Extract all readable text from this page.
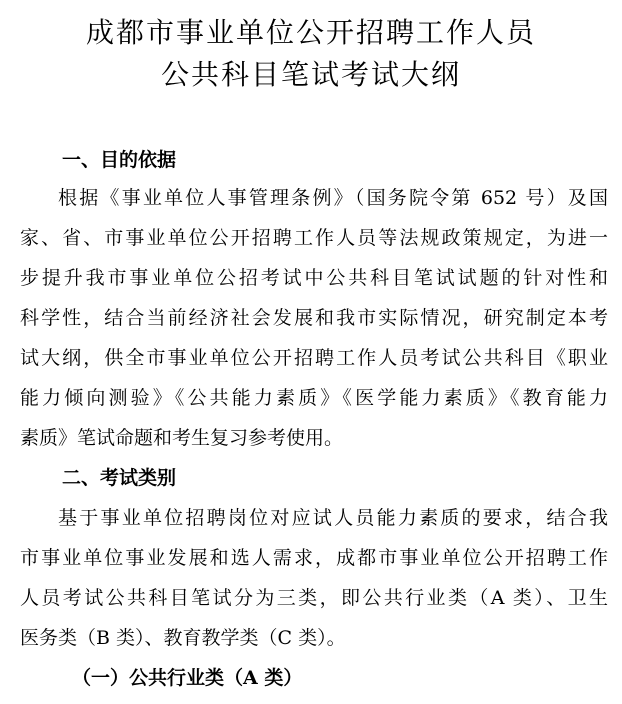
成都市事业单位公开招聘工作人员
公共科目笔试考试大纲
一、目的依据
根据《事业单位人事管理条例》（国务院令第 652 号）及国
家、省、市事业单位公开招聘工作人员等法规政策规定，为进一
步提升我市事业单位公招考试中公共科目笔试试题的针对性和
科学性，结合当前经济社会发展和我市实际情况，研究制定本考
试大纲，供全市事业单位公开招聘工作人员考试公共科目《职业
能力倾向测验》《公共能力素质》《医学能力素质》《教育能力
素质》笔试命题和考生复习参考使用。
二、考试类别
基于事业单位招聘岗位对应试人员能力素质的要求，结合我
市事业单位事业发展和选人需求，成都市事业单位公开招聘工作
人员考试公共科目笔试分为三类，即公共行业类（A 类）、卫生
医务类（B 类）、教育教学类（C 类）。
（一）公共行业类（A 类）
